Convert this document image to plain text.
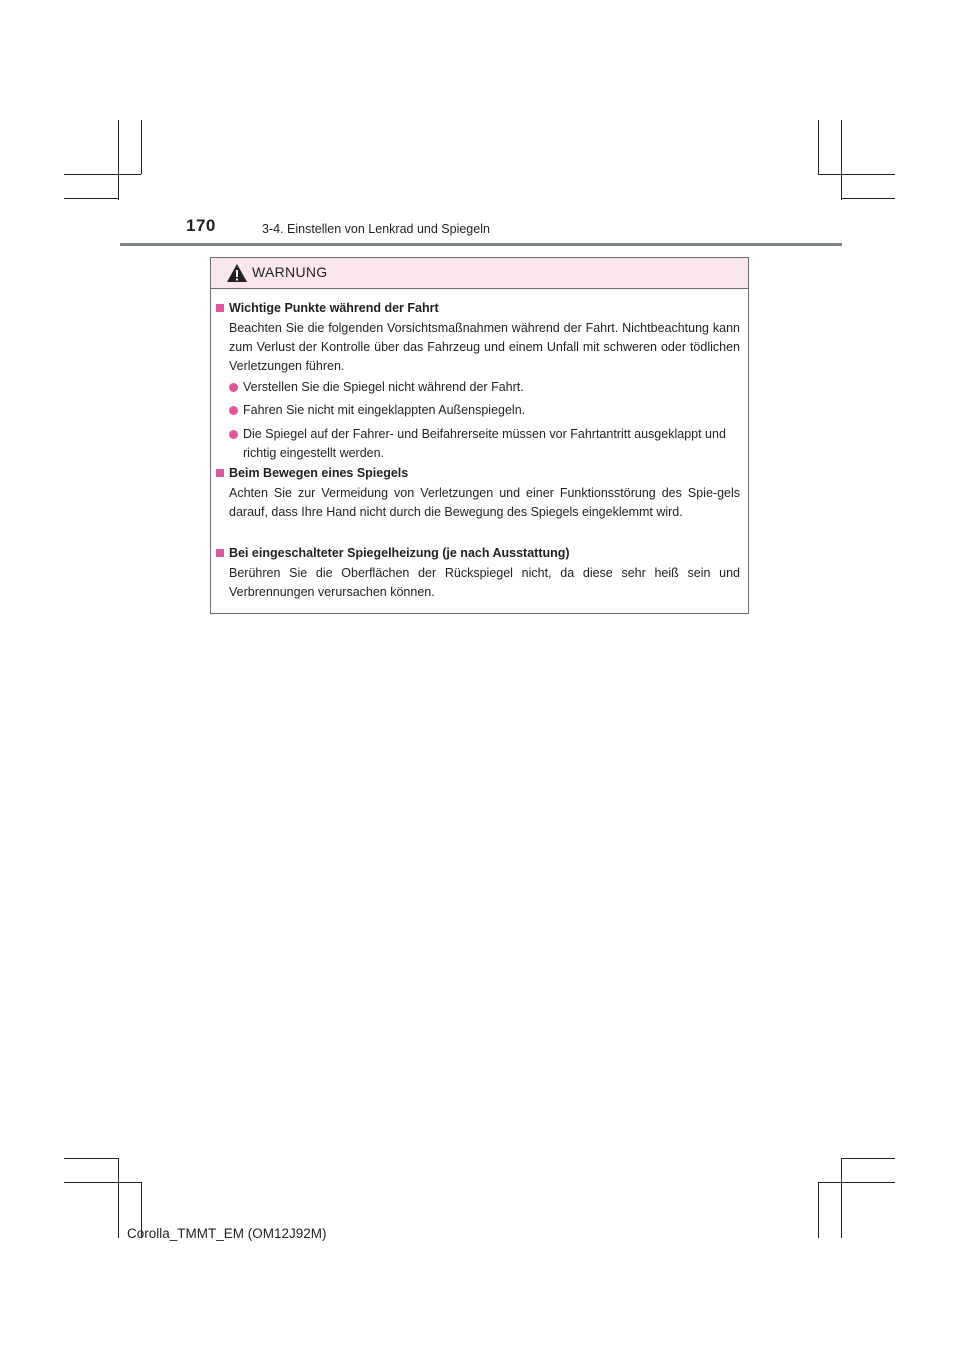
170	3-4. Einstellen von Lenkrad und Spiegeln
WARNUNG
Wichtige Punkte während der Fahrt
Beachten Sie die folgenden Vorsichtsmaßnahmen während der Fahrt. Nichtbeachtung kann zum Verlust der Kontrolle über das Fahrzeug und einem Unfall mit schweren oder tödlichen Verletzungen führen.
Verstellen Sie die Spiegel nicht während der Fahrt.
Fahren Sie nicht mit eingeklappten Außenspiegeln.
Die Spiegel auf der Fahrer- und Beifahrerseite müssen vor Fahrtantritt ausgeklappt und richtig eingestellt werden.
Beim Bewegen eines Spiegels
Achten Sie zur Vermeidung von Verletzungen und einer Funktionsstörung des Spie-gels darauf, dass Ihre Hand nicht durch die Bewegung des Spiegels eingeklemmt wird.
Bei eingeschalteter Spiegelheizung (je nach Ausstattung)
Berühren Sie die Oberflächen der Rückspiegel nicht, da diese sehr heiß sein und Verbrennungen verursachen können.
Corolla_TMMT_EM (OM12J92M)
